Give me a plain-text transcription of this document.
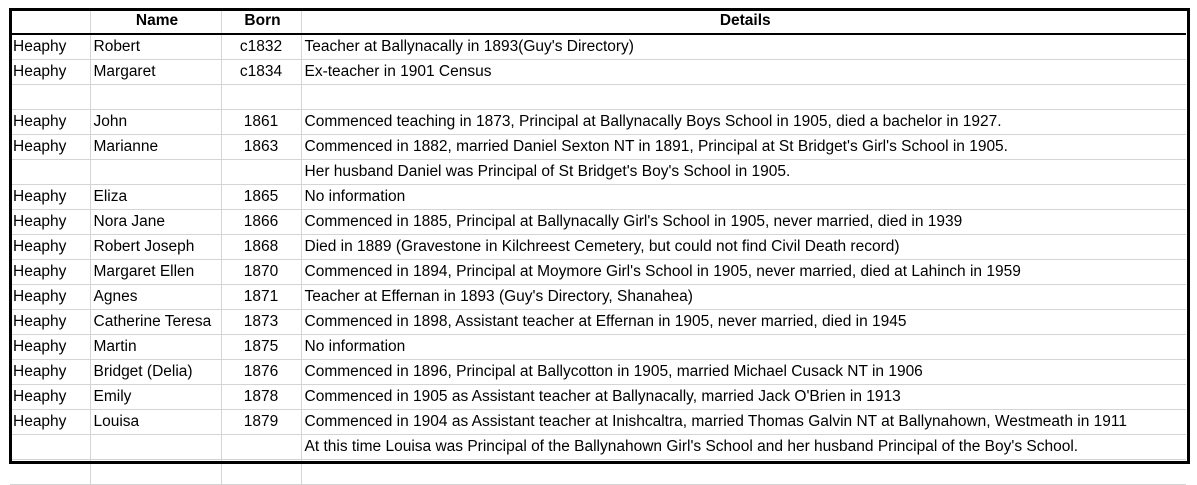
	Name	Born	Details
Heaphy	Robert	c1832	Teacher at Ballynacally in 1893(Guy's Directory)
Heaphy	Margaret	c1834	Ex-teacher in 1901 Census

Heaphy	John	1861	Commenced teaching in 1873, Principal at Ballynacally Boys School in 1905, died a bachelor in 1927.
Heaphy	Marianne	1863	Commenced in 1882, married Daniel Sexton NT in 1891, Principal at St Bridget's Girl's School in 1905.
			Her husband Daniel was Principal of St Bridget's Boy's School in 1905.
Heaphy	Eliza	1865	No information
Heaphy	Nora Jane	1866	Commenced in 1885, Principal at Ballynacally Girl's School in 1905, never married, died in 1939
Heaphy	Robert Joseph	1868	Died in 1889 (Gravestone in Kilchreest Cemetery, but could not find Civil Death record)
Heaphy	Margaret Ellen	1870	Commenced in 1894, Principal at Moymore Girl's School in 1905, never married, died at Lahinch in 1959
Heaphy	Agnes	1871	Teacher at Effernan in 1893 (Guy's Directory, Shanahea)
Heaphy	Catherine Teresa	1873	Commenced in 1898, Assistant teacher at Effernan in 1905, never married, died in 1945
Heaphy	Martin	1875	No information
Heaphy	Bridget (Delia)	1876	Commenced in 1896, Principal at Ballycotton in 1905, married Michael Cusack NT in 1906
Heaphy	Emily	1878	Commenced in 1905 as Assistant teacher at Ballynacally, married Jack O'Brien in 1913
Heaphy	Louisa	1879	Commenced in 1904 as Assistant teacher at Inishcaltra, married Thomas Galvin NT at Ballynahown, Westmeath in 1911
			At this time Louisa was Principal of the Ballynahown Girl's School and her husband Principal of the Boy's School.
